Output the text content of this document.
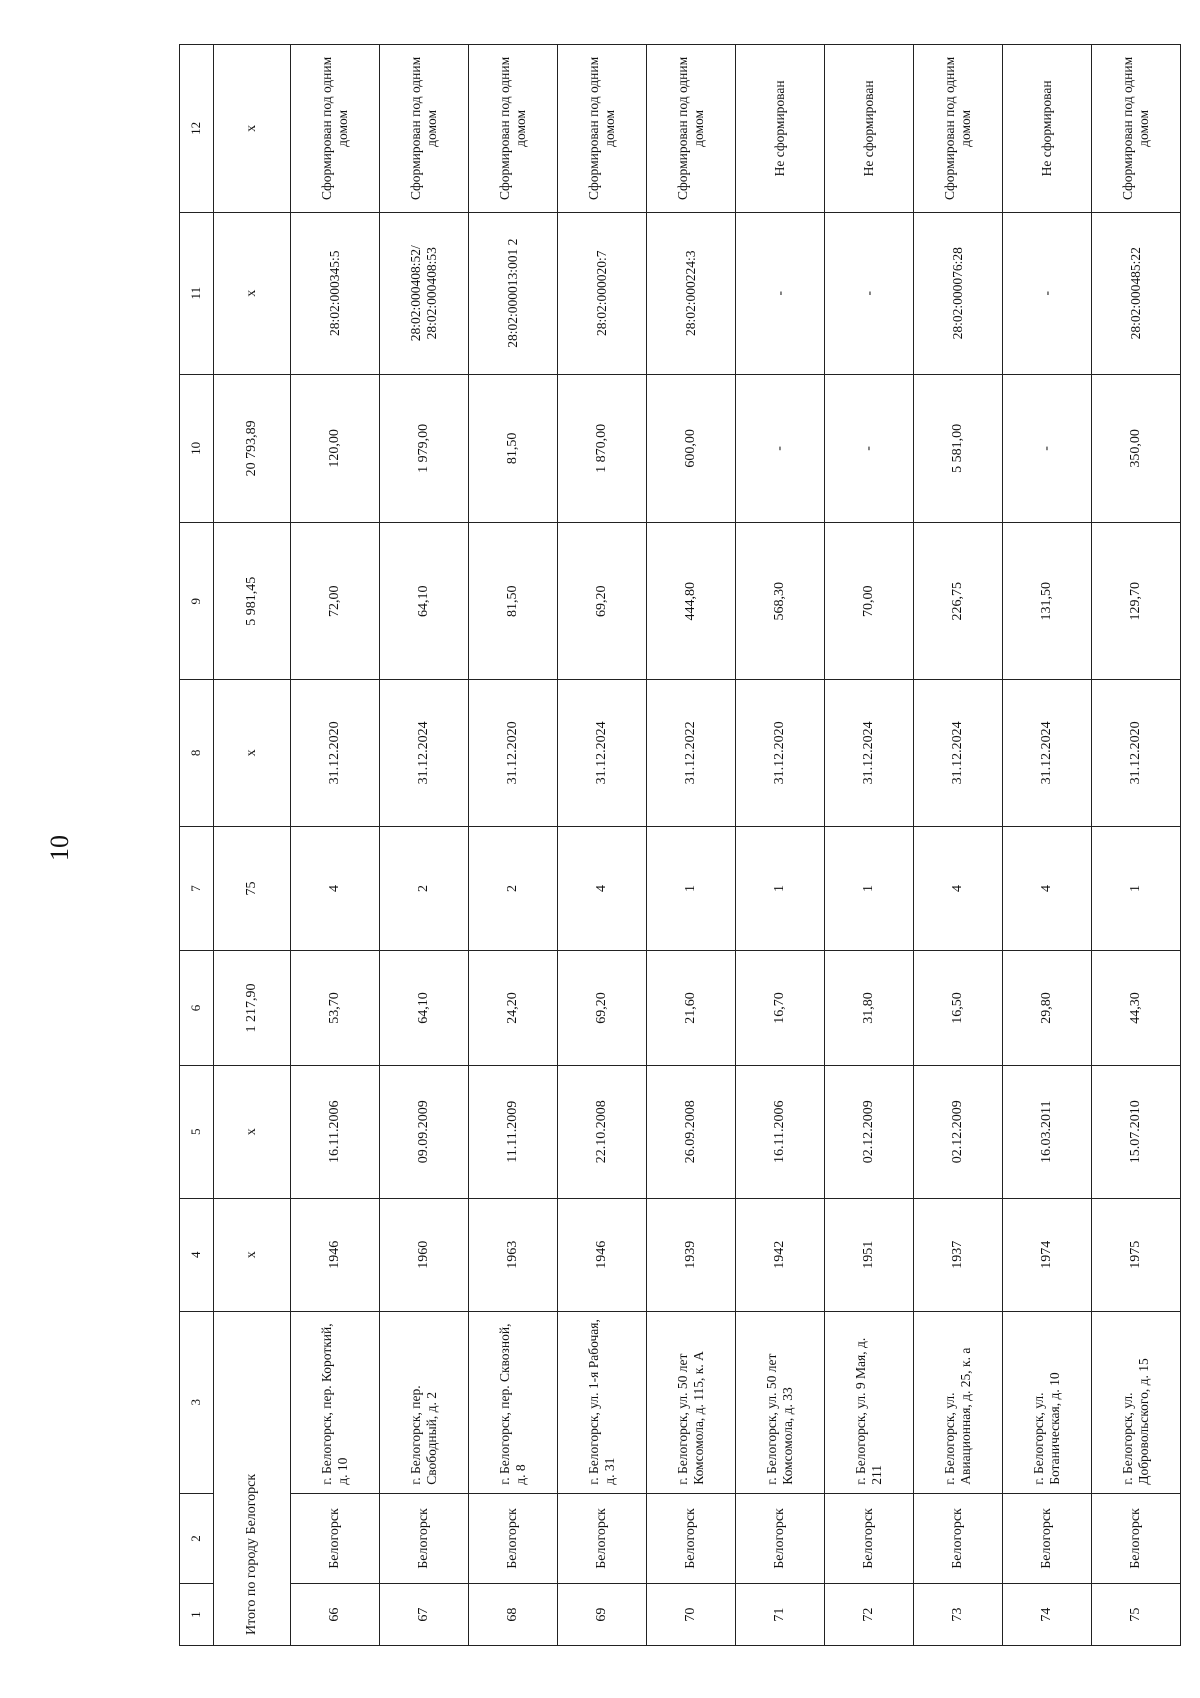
10
1	2	3	4	5	6	7	8	9	10	11	12
Итого по городу Белогорск			х	х	1 217,90	75	х	5 981,45	20 793,89	х	х
66	Белогорск	г. Белогорск, пер. Короткий, д. 10	1946	16.11.2006	53,70	4	31.12.2020	72,00	120,00	28:02:000345:5	Сформирован под одним домом
67	Белогорск	г. Белогорск, пер. Свободный, д. 2	1960	09.09.2009	64,10	2	31.12.2024	64,10	1 979,00	28:02:000408:52/ 28:02:000408:53	Сформирован под одним домом
68	Белогорск	г. Белогорск, пер. Сквозной, д. 8	1963	11.11.2009	24,20	2	31.12.2020	81,50	81,50	28:02:000013:001 2	Сформирован под одним домом
69	Белогорск	г. Белогорск, ул. 1-я Рабочая, д. 31	1946	22.10.2008	69,20	4	31.12.2024	69,20	1 870,00	28:02:000020:7	Сформирован под одним домом
70	Белогорск	г. Белогорск, ул. 50 лет Комсомола, д. 115, к. А	1939	26.09.2008	21,60	1	31.12.2022	444,80	600,00	28:02:000224:3	Сформирован под одним домом
71	Белогорск	г. Белогорск, ул. 50 лет Комсомола, д. 33	1942	16.11.2006	16,70	1	31.12.2020	568,30	-	-	Не сформирован
72	Белогорск	г. Белогорск, ул. 9 Мая, д. 211	1951	02.12.2009	31,80	1	31.12.2024	70,00	-	-	Не сформирован
73	Белогорск	г. Белогорск, ул. Авиационная, д. 25, к. а	1937	02.12.2009	16,50	4	31.12.2024	226,75	5 581,00	28:02:000076:28	Сформирован под одним домом
74	Белогорск	г. Белогорск, ул. Ботаническая, д. 10	1974	16.03.2011	29,80	4	31.12.2024	131,50	-	-	Не сформирован
75	Белогорск	г. Белогорск, ул. Добровольского, д. 15	1975	15.07.2010	44,30	1	31.12.2020	129,70	350,00	28:02:000485:22	Сформирован под одним домом
